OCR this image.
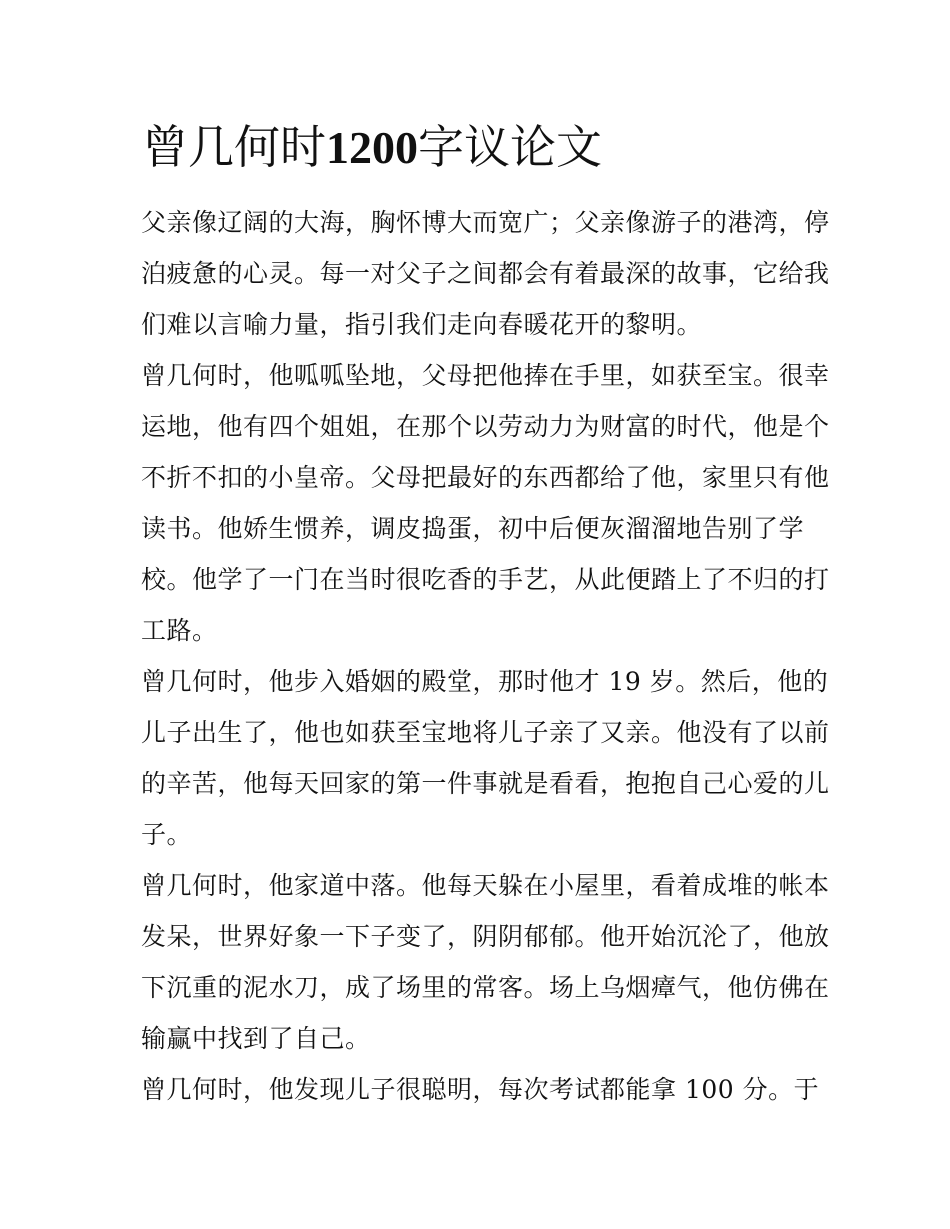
曾几何时1200字议论文
父亲像辽阔的大海，胸怀博大而宽广；父亲像游子的港湾，停
泊疲惫的心灵。每一对父子之间都会有着最深的故事，它给我
们难以言喻力量，指引我们走向春暖花开的黎明。
曾几何时，他呱呱坠地，父母把他捧在手里，如获至宝。很幸
运地，他有四个姐姐，在那个以劳动力为财富的时代，他是个
不折不扣的小皇帝。父母把最好的东西都给了他，家里只有他
读书。他娇生惯养，调皮捣蛋，初中后便灰溜溜地告别了学
校。他学了一门在当时很吃香的手艺，从此便踏上了不归的打
工路。
曾几何时，他步入婚姻的殿堂，那时他才 19 岁。然后，他的
儿子出生了，他也如获至宝地将儿子亲了又亲。他没有了以前
的辛苦，他每天回家的第一件事就是看看，抱抱自己心爱的儿
子。
曾几何时，他家道中落。他每天躲在小屋里，看着成堆的帐本
发呆，世界好象一下子变了，阴阴郁郁。他开始沉沦了，他放
下沉重的泥水刀，成了场里的常客。场上乌烟瘴气，他仿佛在
输赢中找到了自己。
曾几何时，他发现儿子很聪明，每次考试都能拿 100 分。于
